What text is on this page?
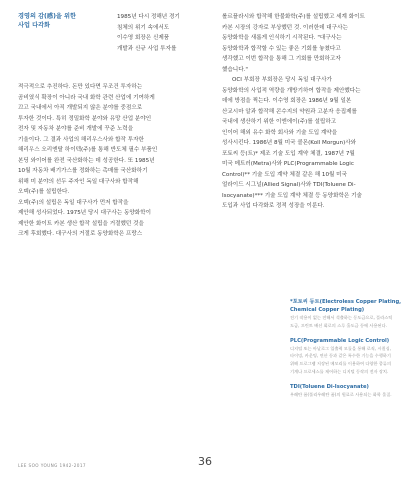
경영의 감(感)을 위한
사업 다각화
1985년 다시 정해년 경기
침체의 위기 속에서도
이수영 회장은 신제품
개발과 신규 사업 투자를
적극적으로 추진하다. 돈만 있다면 무조건 투자하는
곰비였식 확장이 아니라 국내 화학 관련 산업에 기여하게
끄고 국내에서 아직 개발되지 않은 분야를 중점으로
투자한 것이다. 특히 정밀화학 분야와 유망 산업 분야인
전자 및 자동차 분야를 준비 개발에 꾸준 노력을
기울이다. 그 결과 사업의 해리우스사와 합작 투자한
해리우스 오리엔탈 하이텍(주)를 통해 반도체 필수 부품인
본딩 와이어를 완전 국산화하는 데 성공한다. 또 1985년
10월 자동차 배기가스를 정화하는 촉매를 국산화하기
위해 미 분야의 선두 주자인 독일 대구사와 합작해
오덱(주)를 설립한다.
오덱(주)의 설립은 독일 대구사가 먼저 합작을
제안해 성사되었다. 1975년 당시 대구사는 동양화학이
제안한 화이트 카본 생산 합작 설립을 거절했던 것을
크게 후회했다. 대구사의 거절로 동양화학은 프랑스
롤르플라시와 합작해 한불화학(주)를 설립했고 세계 화이트
카본 시장의 강자로 부상했던 것. 이러한데 대구사는
동양화학을 새롭게 인식하기 시작된다. "대구사는
동양화학과 합작할 수 있는 좋은 기회를 놓쳤다고
생각했고 이번 합작을 통해 그 기회를 만회하고자
했습니다."
OCI 부회장 부회장은 당시 독일 대구사가
동양화학의 사업적 역량을 개방기하여 합작을 제안했다는
데에 방점을 찍는다. 이수영 회장은 1986년 9월 일본
산교시마 알과 합작해 콘수지의 약원과 고분자 응집제를
국내에 생산하기 위한 이엔에이(주)를 설립하고
인이어 해외 유수 화학 회사와 기술 도입 계약을
성사시킨다. 1986년 8월 미국 콜몬(Koll Morgun)사와
포토씨 등(트)* 제조 기술 도입 계약 체결, 1987년 7월
미국 메트러(Metra)사와 PLC(Programmable Logic
Control)** 기술 도입 계약 체결 같은 해 10월 미국
얼라이드 시그널(Allied Signal)사와 TDI(Toluene Di-
Isocyanate)*** 기술 도입 계약 체결 등 동양화학은 기술
도입과 사업 다각화로 정적 성장을 이룬다.
*포토씨 등트(Electroless Copper Plating,
Chemical Copper Plating)
전기 작용이 없는 전해서 석출하는 동도금으로, 플라스틱
도금, 프린트 배선 회로의 스루 홀도금 등에 사용된다.
PLC(Programmable Logic Control)
디지털 또는 아날로그 입출력 모듈을 통해 로직, 시퀀싱,
타이밍, 카운팅, 연산 등과 같은 특수한 기능을 수행하기
위해 프로그램 저장된 메모리를 이용하여 다양한 종류의
기계나 프로세스를 제어하는 디지털 동작의 전자 장치.
TDI(Toluene Di-Isocyanate)
우레탄 폼(폴리우레탄 폼)의 원료로 사용되는 화학 물질.
LEE SOO YOUNG 1942-2017	36
